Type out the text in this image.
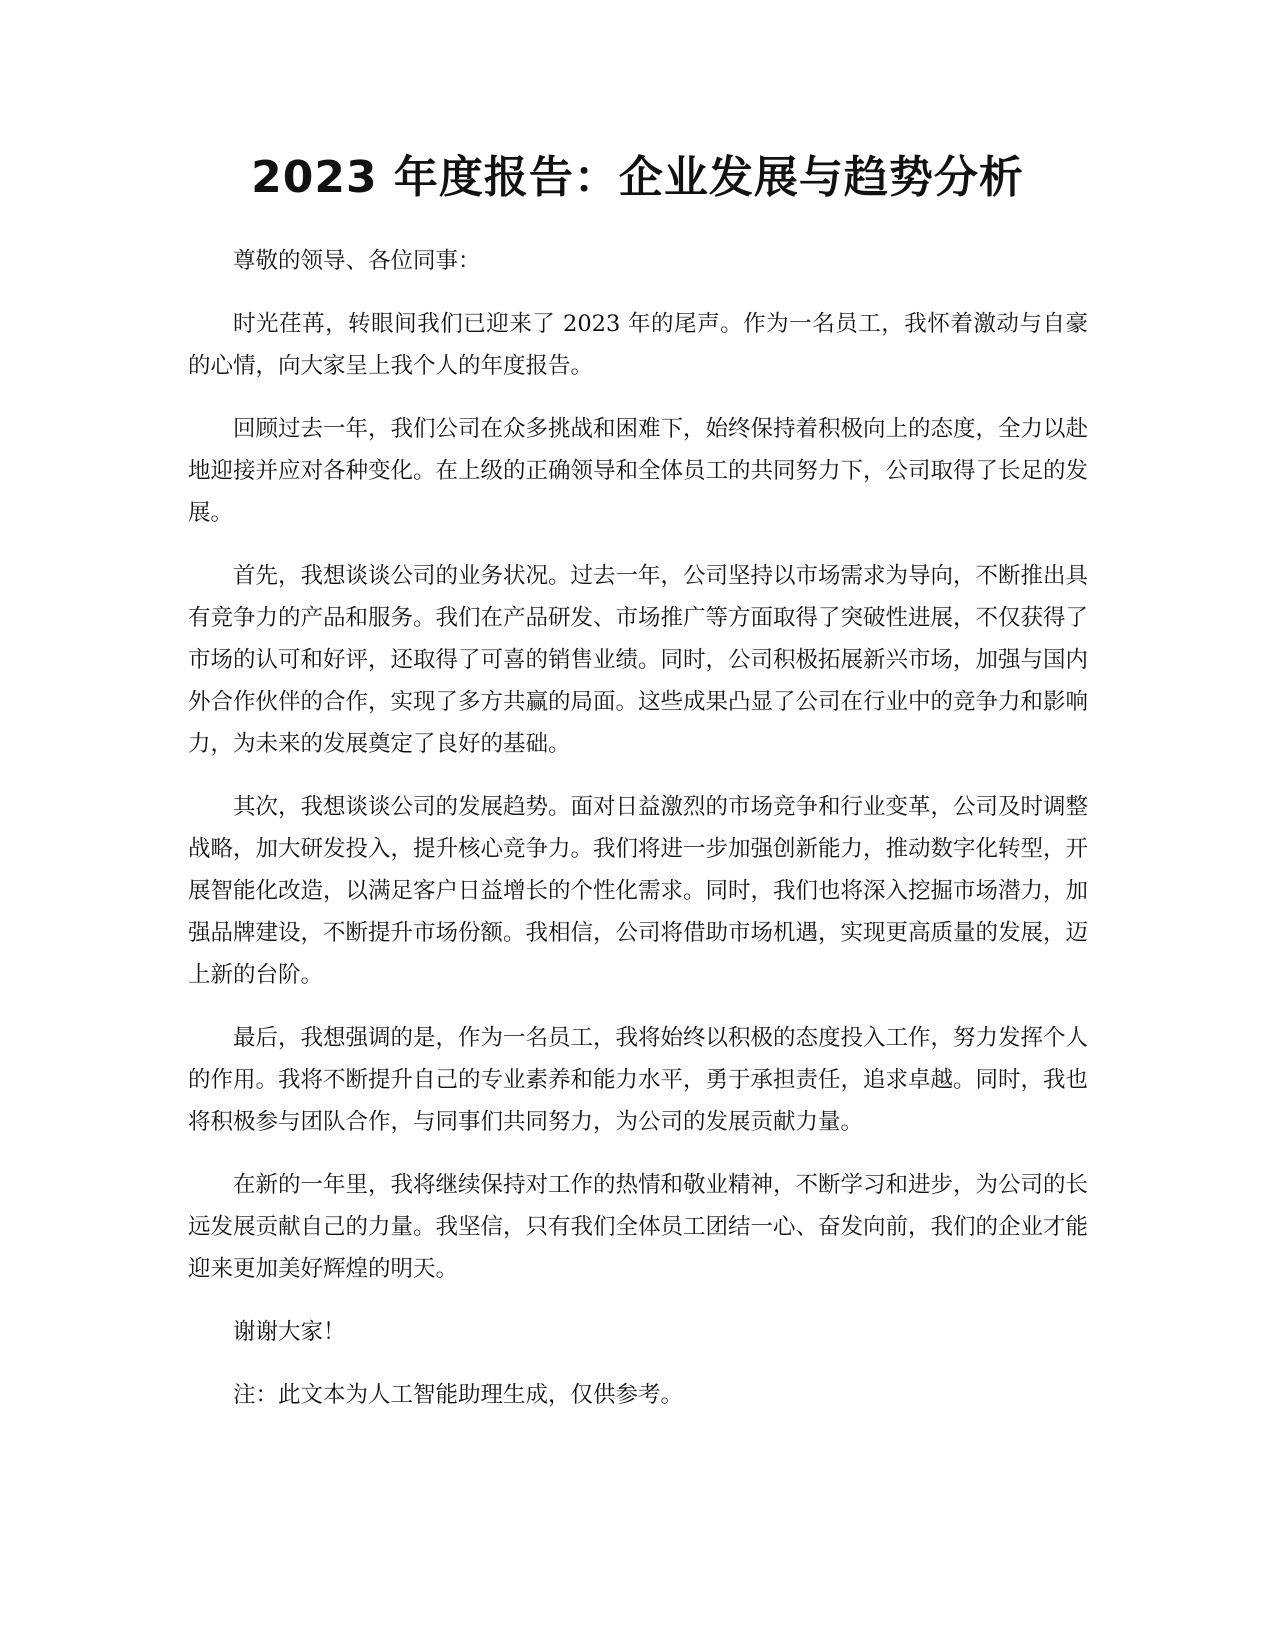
2023 年度报告：企业发展与趋势分析

尊敬的领导、各位同事：

时光荏苒，转眼间我们已迎来了 2023 年的尾声。作为一名员工，我怀着激动与自豪的心情，向大家呈上我个人的年度报告。

回顾过去一年，我们公司在众多挑战和困难下，始终保持着积极向上的态度，全力以赴地迎接并应对各种变化。在上级的正确领导和全体员工的共同努力下，公司取得了长足的发展。

首先，我想谈谈公司的业务状况。过去一年，公司坚持以市场需求为导向，不断推出具有竞争力的产品和服务。我们在产品研发、市场推广等方面取得了突破性进展，不仅获得了市场的认可和好评，还取得了可喜的销售业绩。同时，公司积极拓展新兴市场，加强与国内外合作伙伴的合作，实现了多方共赢的局面。这些成果凸显了公司在行业中的竞争力和影响力，为未来的发展奠定了良好的基础。

其次，我想谈谈公司的发展趋势。面对日益激烈的市场竞争和行业变革，公司及时调整战略，加大研发投入，提升核心竞争力。我们将进一步加强创新能力，推动数字化转型，开展智能化改造，以满足客户日益增长的个性化需求。同时，我们也将深入挖掘市场潜力，加强品牌建设，不断提升市场份额。我相信，公司将借助市场机遇，实现更高质量的发展，迈上新的台阶。

最后，我想强调的是，作为一名员工，我将始终以积极的态度投入工作，努力发挥个人的作用。我将不断提升自己的专业素养和能力水平，勇于承担责任，追求卓越。同时，我也将积极参与团队合作，与同事们共同努力，为公司的发展贡献力量。

在新的一年里，我将继续保持对工作的热情和敬业精神，不断学习和进步，为公司的长远发展贡献自己的力量。我坚信，只有我们全体员工团结一心、奋发向前，我们的企业才能迎来更加美好辉煌的明天。

谢谢大家！

注：此文本为人工智能助理生成，仅供参考。
